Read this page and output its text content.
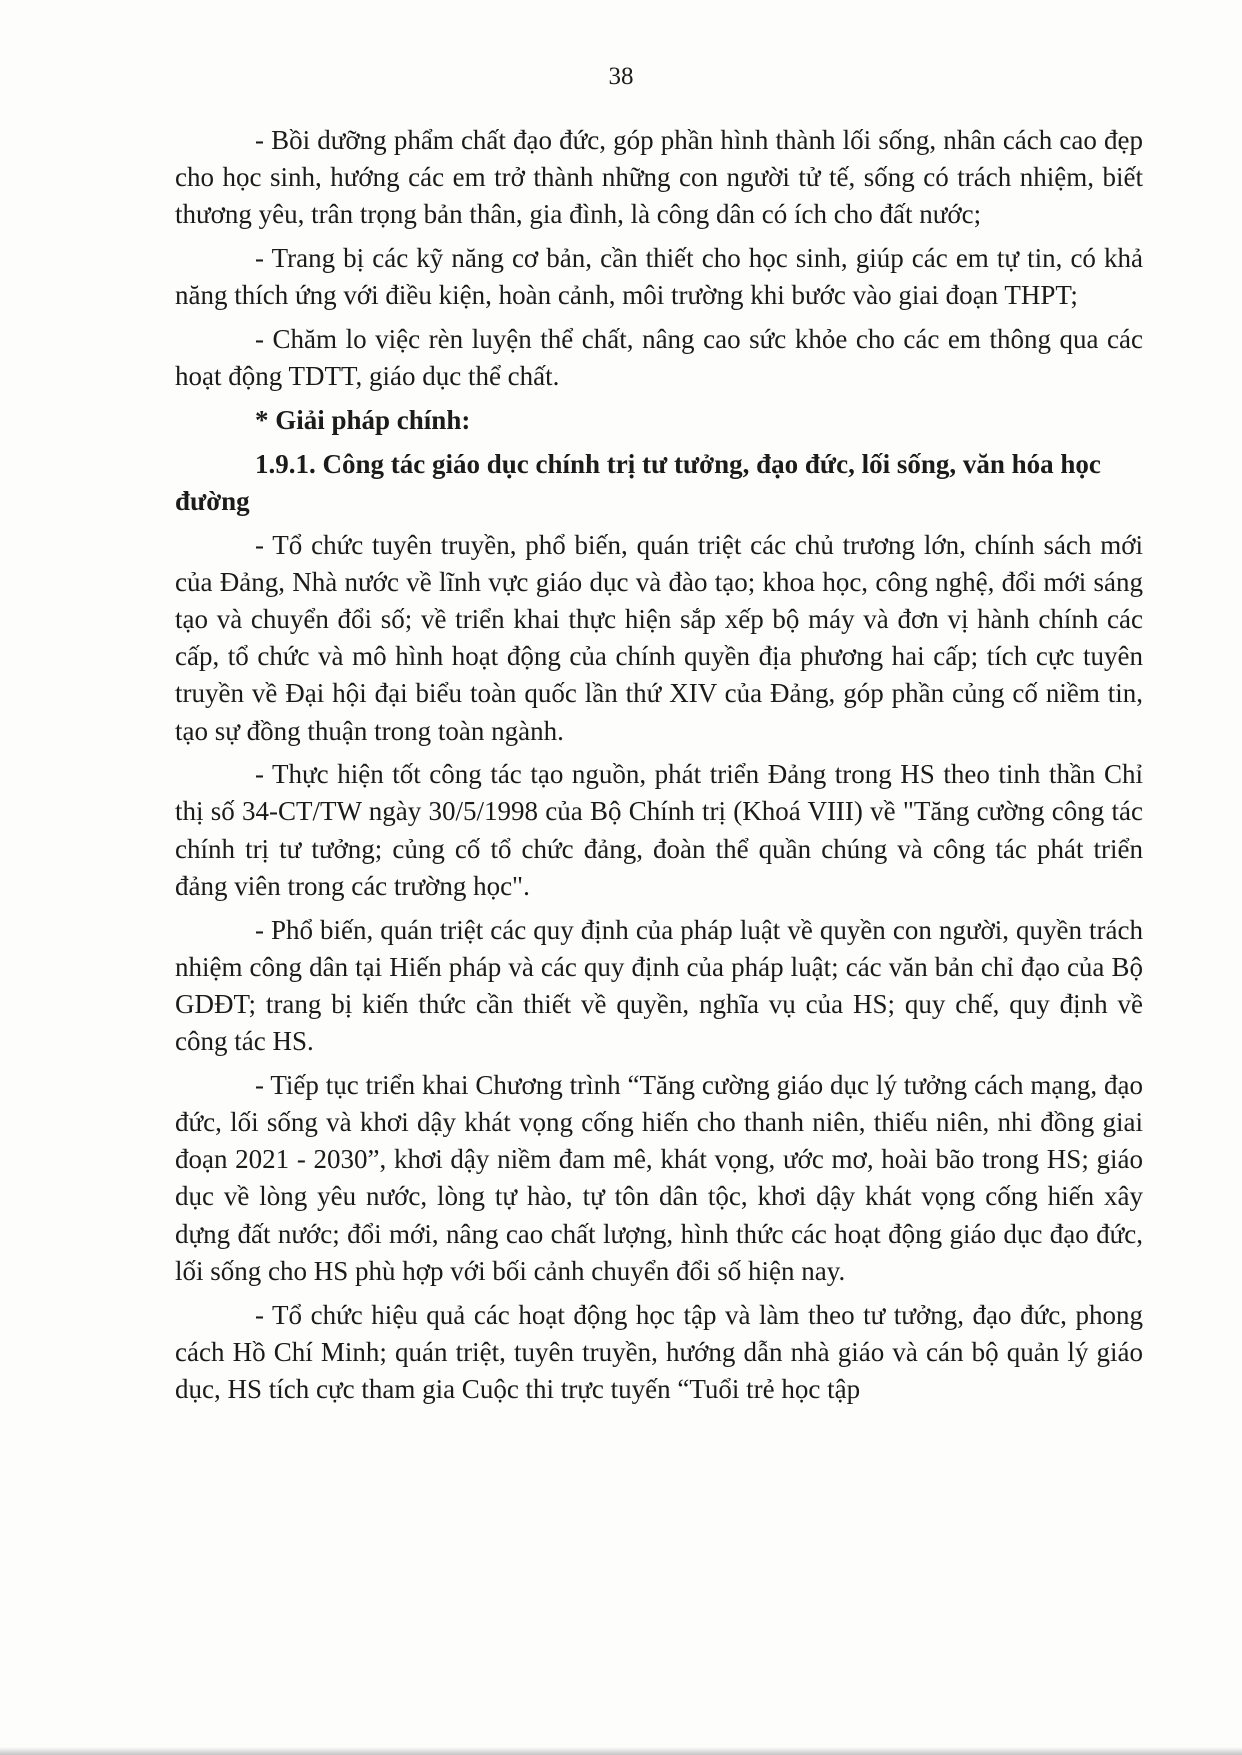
38

- Bồi dưỡng phẩm chất đạo đức, góp phần hình thành lối sống, nhân cách cao đẹp cho học sinh, hướng các em trở thành những con người tử tế, sống có trách nhiệm, biết thương yêu, trân trọng bản thân, gia đình, là công dân có ích cho đất nước;

- Trang bị các kỹ năng cơ bản, cần thiết cho học sinh, giúp các em tự tin, có khả năng thích ứng với điều kiện, hoàn cảnh, môi trường khi bước vào giai đoạn THPT;

- Chăm lo việc rèn luyện thể chất, nâng cao sức khỏe cho các em thông qua các hoạt động TDTT, giáo dục thể chất.

* Giải pháp chính:

1.9.1. Công tác giáo dục chính trị tư tưởng, đạo đức, lối sống, văn hóa học đường

- Tổ chức tuyên truyền, phổ biến, quán triệt các chủ trương lớn, chính sách mới của Đảng, Nhà nước về lĩnh vực giáo dục và đào tạo; khoa học, công nghệ, đổi mới sáng tạo và chuyển đổi số; về triển khai thực hiện sắp xếp bộ máy và đơn vị hành chính các cấp, tổ chức và mô hình hoạt động của chính quyền địa phương hai cấp; tích cực tuyên truyền về Đại hội đại biểu toàn quốc lần thứ XIV của Đảng, góp phần củng cố niềm tin, tạo sự đồng thuận trong toàn ngành.

- Thực hiện tốt công tác tạo nguồn, phát triển Đảng trong HS theo tinh thần Chỉ thị số 34-CT/TW ngày 30/5/1998 của Bộ Chính trị (Khoá VIII) về "Tăng cường công tác chính trị tư tưởng; củng cố tổ chức đảng, đoàn thể quần chúng và công tác phát triển đảng viên trong các trường học".

- Phổ biến, quán triệt các quy định của pháp luật về quyền con người, quyền trách nhiệm công dân tại Hiến pháp và các quy định của pháp luật; các văn bản chỉ đạo của Bộ GDĐT; trang bị kiến thức cần thiết về quyền, nghĩa vụ của HS; quy chế, quy định về công tác HS.

- Tiếp tục triển khai Chương trình “Tăng cường giáo dục lý tưởng cách mạng, đạo đức, lối sống và khơi dậy khát vọng cống hiến cho thanh niên, thiếu niên, nhi đồng giai đoạn 2021 - 2030”, khơi dậy niềm đam mê, khát vọng, ước mơ, hoài bão trong HS; giáo dục về lòng yêu nước, lòng tự hào, tự tôn dân tộc, khơi dậy khát vọng cống hiến xây dựng đất nước; đổi mới, nâng cao chất lượng, hình thức các hoạt động giáo dục đạo đức, lối sống cho HS phù hợp với bối cảnh chuyển đổi số hiện nay.

- Tổ chức hiệu quả các hoạt động học tập và làm theo tư tưởng, đạo đức, phong cách Hồ Chí Minh; quán triệt, tuyên truyền, hướng dẫn nhà giáo và cán bộ quản lý giáo dục, HS tích cực tham gia Cuộc thi trực tuyến “Tuổi trẻ học tập
